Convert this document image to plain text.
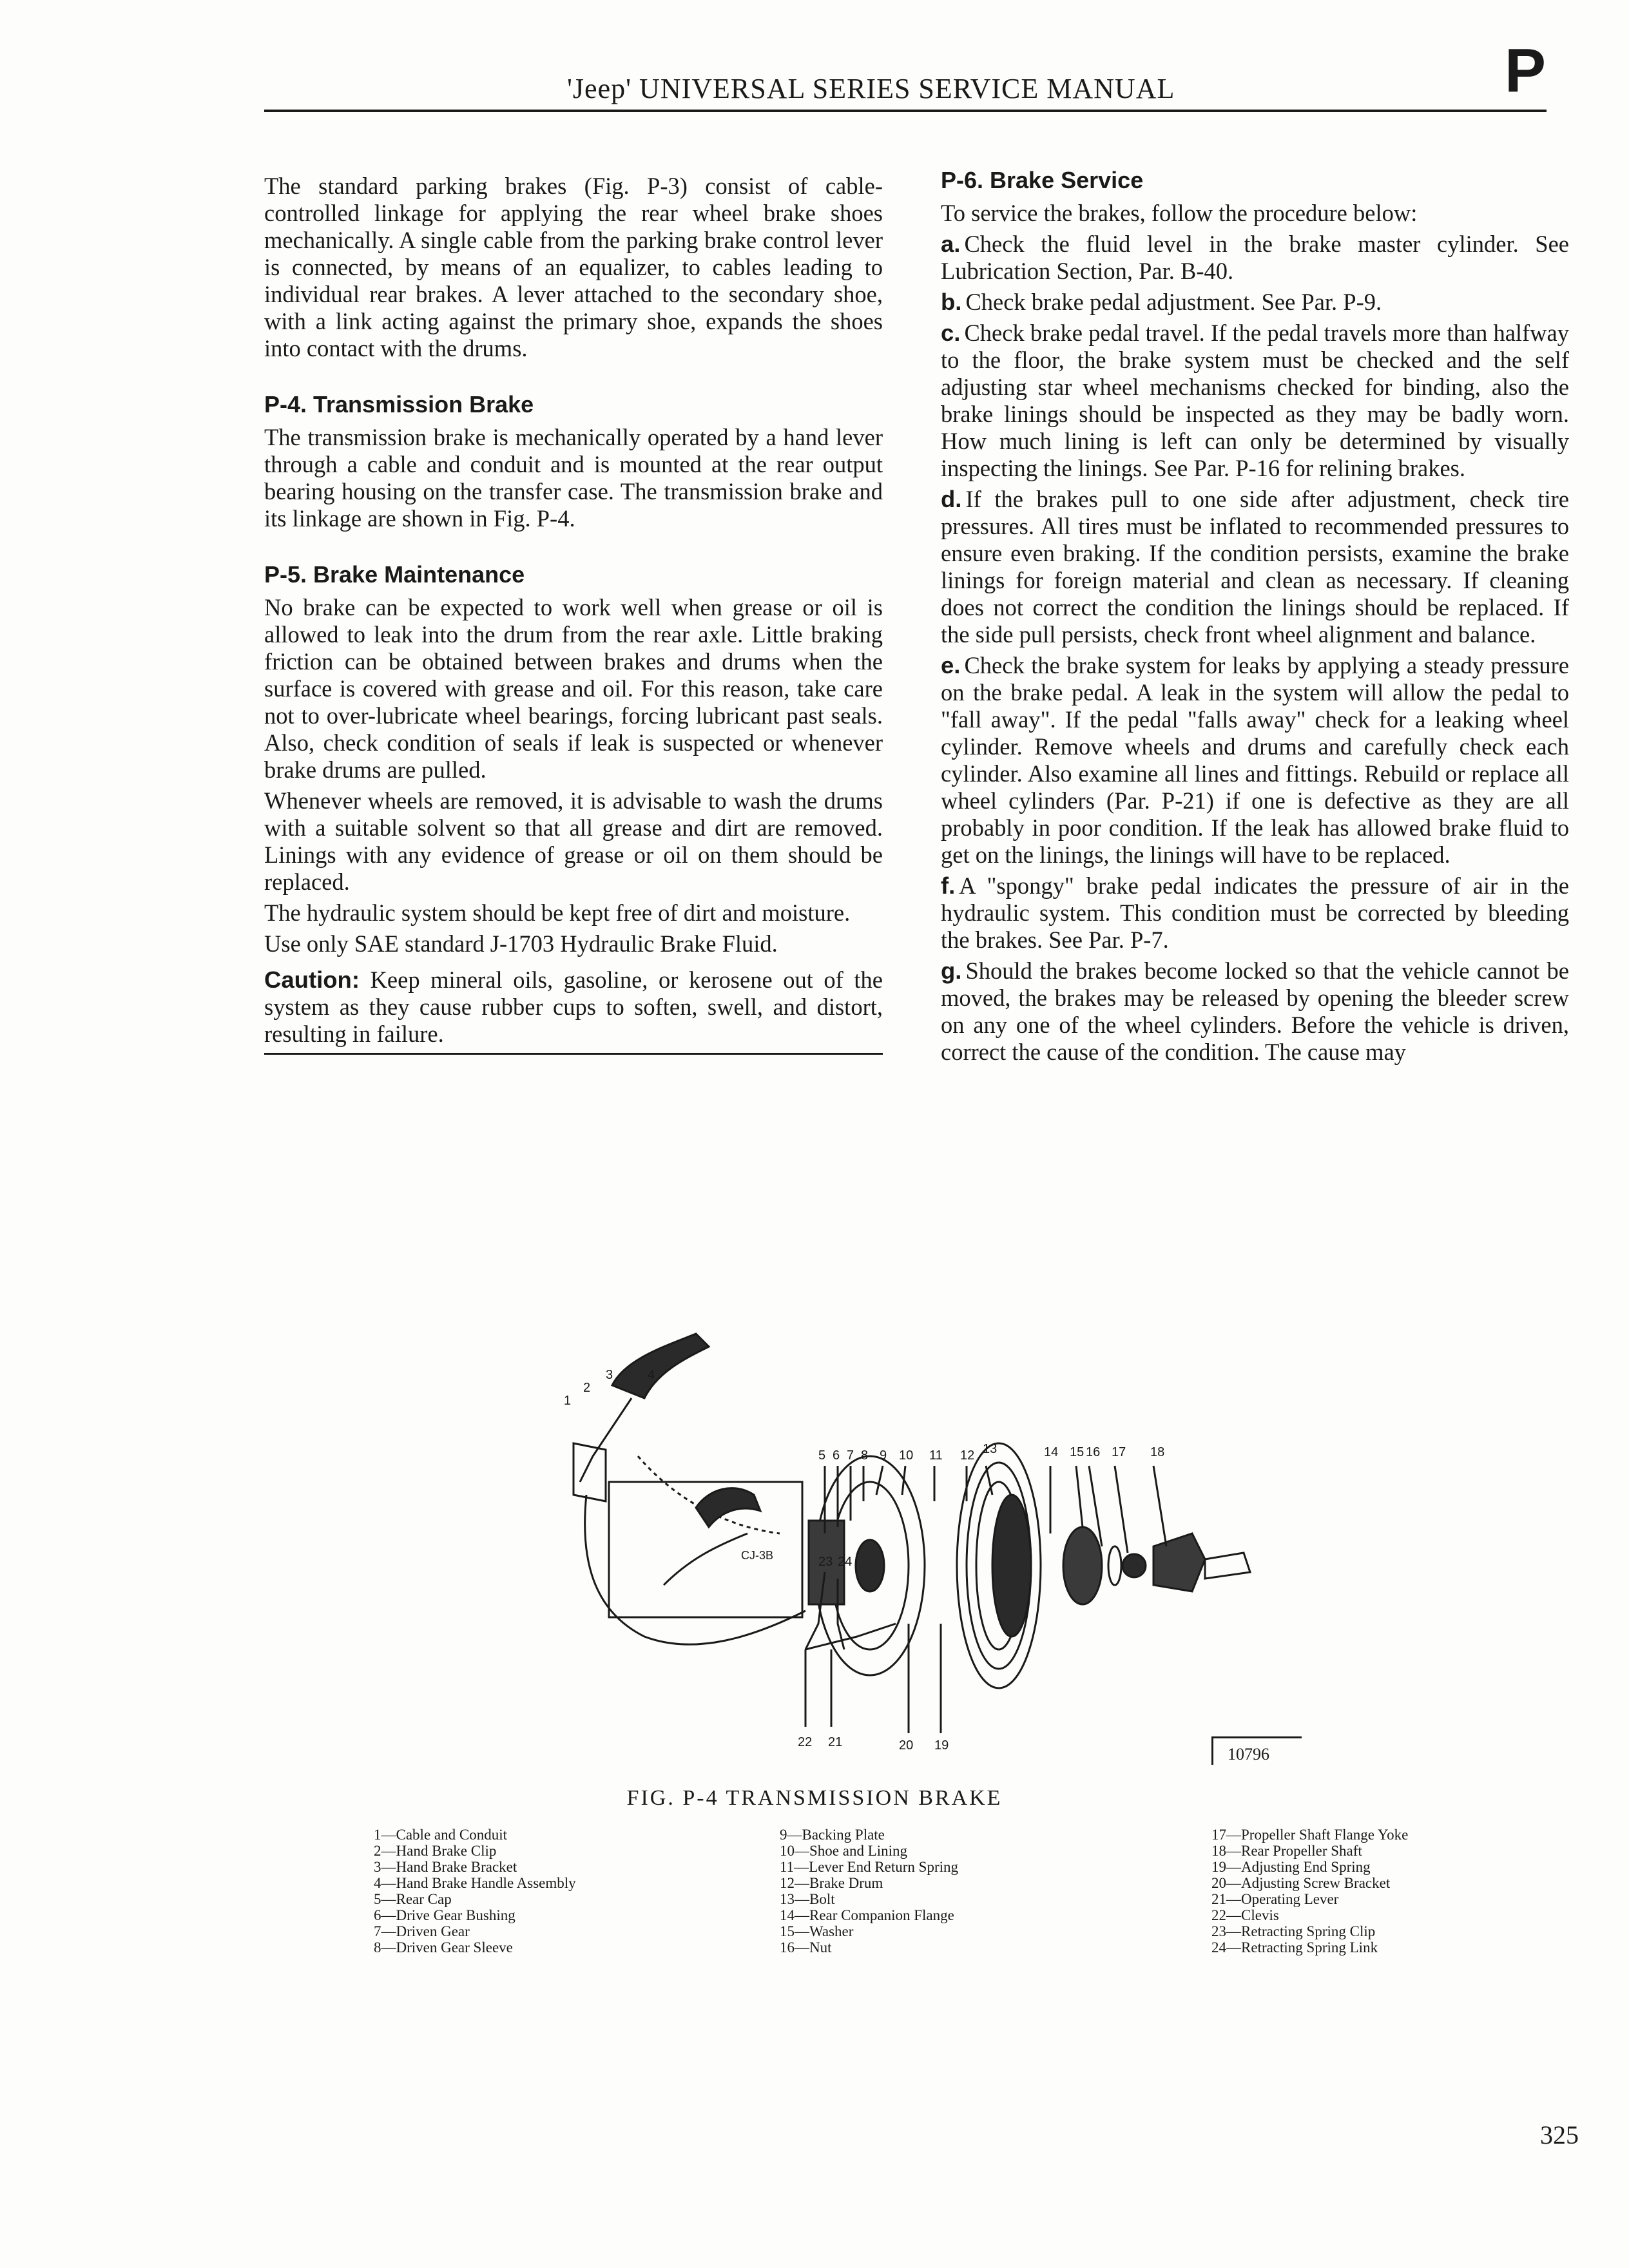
'Jeep' UNIVERSAL SERIES SERVICE MANUAL	P

The standard parking brakes (Fig. P-3) consist of cable-controlled linkage for applying the rear wheel brake shoes mechanically. A single cable from the parking brake control lever is connected, by means of an equalizer, to cables leading to individual rear brakes. A lever attached to the secondary shoe, with a link acting against the primary shoe, expands the shoes into contact with the drums.

P-4. Transmission Brake

The transmission brake is mechanically operated by a hand lever through a cable and conduit and is mounted at the rear output bearing housing on the transfer case. The transmission brake and its linkage are shown in Fig. P-4.

P-5. Brake Maintenance

No brake can be expected to work well when grease or oil is allowed to leak into the drum from the rear axle. Little braking friction can be obtained between brakes and drums when the surface is covered with grease and oil. For this reason, take care not to over-lubricate wheel bearings, forcing lubricant past seals. Also, check condition of seals if leak is suspected or whenever brake drums are pulled.

Whenever wheels are removed, it is advisable to wash the drums with a suitable solvent so that all grease and dirt are removed. Linings with any evidence of grease or oil on them should be replaced.

The hydraulic system should be kept free of dirt and moisture.

Use only SAE standard J-1703 Hydraulic Brake Fluid.

Caution: Keep mineral oils, gasoline, or kerosene out of the system as they cause rubber cups to soften, swell, and distort, resulting in failure.

P-6. Brake Service

To service the brakes, follow the procedure below:

a. Check the fluid level in the brake master cylinder. See Lubrication Section, Par. B-40.

b. Check brake pedal adjustment. See Par. P-9.

c. Check brake pedal travel. If the pedal travels more than halfway to the floor, the brake system must be checked and the self adjusting star wheel mechanisms checked for binding, also the brake linings should be inspected as they may be badly worn. How much lining is left can only be determined by visually inspecting the linings. See Par. P-16 for relining brakes.

d. If the brakes pull to one side after adjustment, check tire pressures. All tires must be inflated to recommended pressures to ensure even braking. If the condition persists, examine the brake linings for foreign material and clean as necessary. If cleaning does not correct the condition the linings should be replaced. If the side pull persists, check front wheel alignment and balance.

e. Check the brake system for leaks by applying a steady pressure on the brake pedal. A leak in the system will allow the pedal to "fall away". If the pedal "falls away" check for a leaking wheel cylinder. Remove wheels and drums and carefully check each cylinder. Also examine all lines and fittings. Rebuild or replace all wheel cylinders (Par. P-21) if one is defective as they are all probably in poor condition. If the leak has allowed brake fluid to get on the linings, the linings will have to be replaced.

f. A "spongy" brake pedal indicates the pressure of air in the hydraulic system. This condition must be corrected by bleeding the brakes. See Par. P-7.

g. Should the brakes become locked so that the vehicle cannot be moved, the brakes may be released by opening the bleeder screw on any one of the wheel cylinders. Before the vehicle is driven, correct the cause of the condition. The cause may

3	4
2
1
5 6 7 8 9 10 11 12 13	14 15 16 17 18
23 24
22 21	20 19
CJ-3B
10796
FIG. P-4 TRANSMISSION BRAKE
1—Cable and Conduit
2—Hand Brake Clip
3—Hand Brake Bracket
4—Hand Brake Handle Assembly
5—Rear Cap
6—Drive Gear Bushing
7—Driven Gear
8—Driven Gear Sleeve
9—Backing Plate
10—Shoe and Lining
11—Lever End Return Spring
12—Brake Drum
13—Bolt
14—Rear Companion Flange
15—Washer
16—Nut
17—Propeller Shaft Flange Yoke
18—Rear Propeller Shaft
19—Adjusting End Spring
20—Adjusting Screw Bracket
21—Operating Lever
22—Clevis
23—Retracting Spring Clip
24—Retracting Spring Link
325
